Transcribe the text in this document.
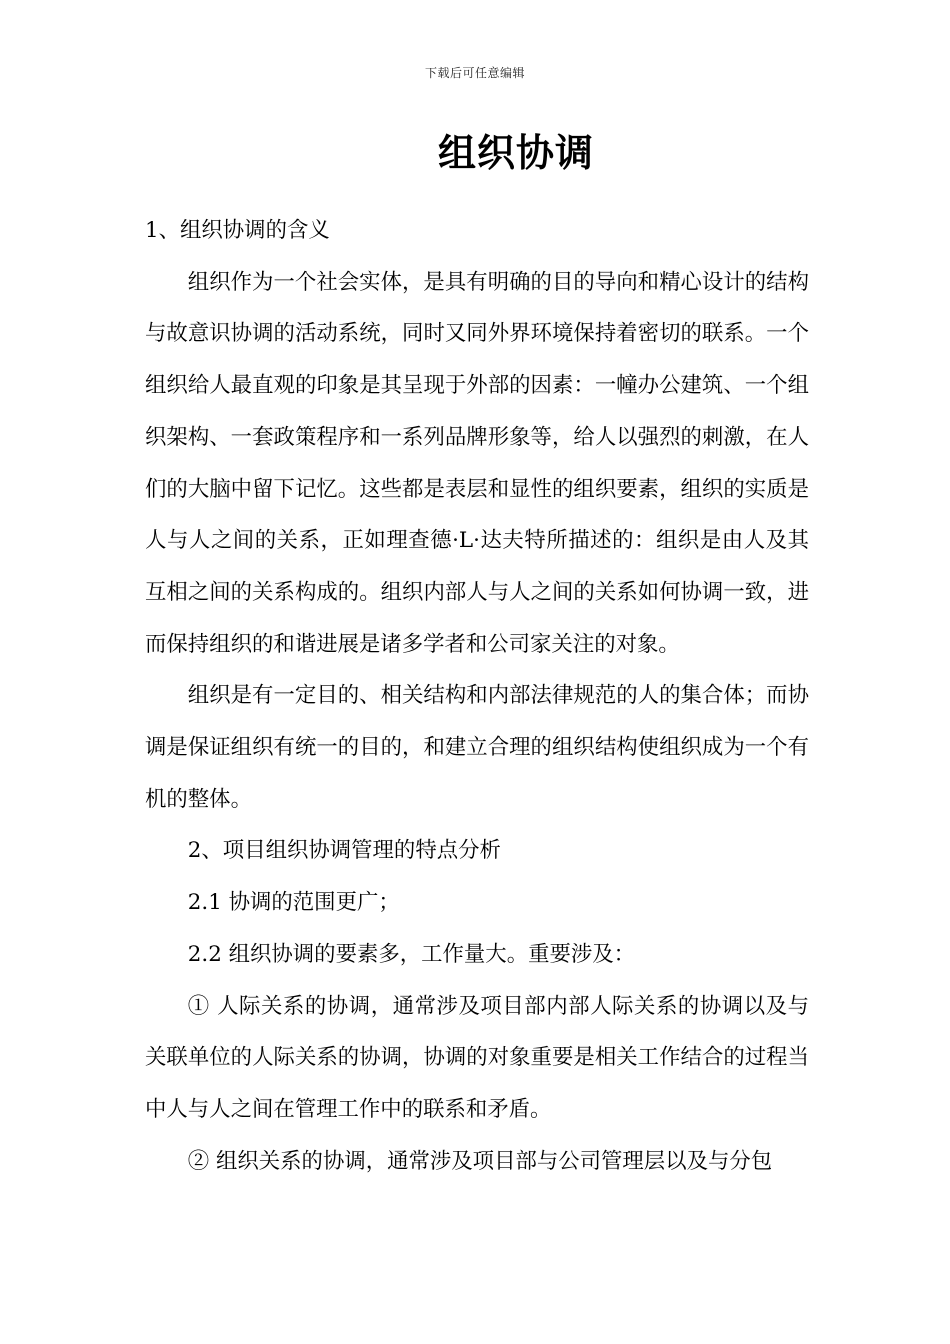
下载后可任意编辑
组织协调

1、组织协调的含义

组织作为一个社会实体，是具有明确的目的导向和精心设计的结构与故意识协调的活动系统，同时又同外界环境保持着密切的联系。一个组织给人最直观的印象是其呈现于外部的因素：一幢办公建筑、一个组织架构、一套政策程序和一系列品牌形象等，给人以强烈的刺激，在人们的大脑中留下记忆。这些都是表层和显性的组织要素，组织的实质是人与人之间的关系，正如理查德·L·达夫特所描述的：组织是由人及其互相之间的关系构成的。组织内部人与人之间的关系如何协调一致，进而保持组织的和谐进展是诸多学者和公司家关注的对象。

组织是有一定目的、相关结构和内部法律规范的人的集合体；而协调是保证组织有统一的目的，和建立合理的组织结构使组织成为一个有机的整体。

2、项目组织协调管理的特点分析

2.1 协调的范围更广；

2.2 组织协调的要素多，工作量大。重要涉及：

① 人际关系的协调，通常涉及项目部内部人际关系的协调以及与关联单位的人际关系的协调，协调的对象重要是相关工作结合的过程当中人与人之间在管理工作中的联系和矛盾。

② 组织关系的协调，通常涉及项目部与公司管理层以及与分包
